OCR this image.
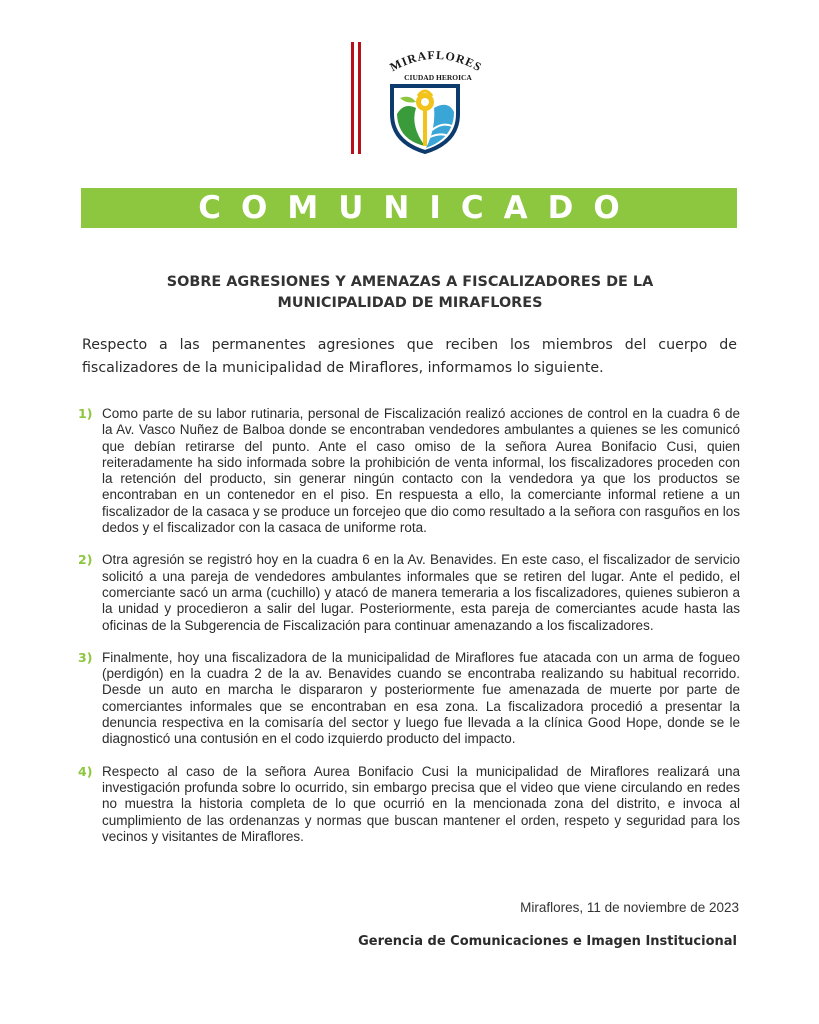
MIRAFLORES
CIUDAD HEROICA
COMUNICADO
SOBRE AGRESIONES Y AMENAZAS A FISCALIZADORES DE LA
MUNICIPALIDAD DE MIRAFLORES
Respecto a las permanentes agresiones que reciben los miembros del cuerpo de fiscalizadores de la municipalidad de Miraflores, informamos lo siguiente.
1) Como parte de su labor rutinaria, personal de Fiscalización realizó acciones de control en la cuadra 6 de la Av. Vasco Nuñez de Balboa donde se encontraban vendedores ambulantes a quienes se les comunicó que debían retirarse del punto. Ante el caso omiso de la señora Aurea Bonifacio Cusi, quien reiteradamente ha sido informada sobre la prohibición de venta informal, los fiscalizadores proceden con la retención del producto, sin generar ningún contacto con la vendedora ya que los productos se encontraban en un contenedor en el piso. En respuesta a ello, la comerciante informal retiene a un fiscalizador de la casaca y se produce un forcejeo que dio como resultado a la señora con rasguños en los dedos y el fiscalizador con la casaca de uniforme rota.
2) Otra agresión se registró hoy en la cuadra 6 en la Av. Benavides. En este caso, el fiscalizador de servicio solicitó a una pareja de vendedores ambulantes informales que se retiren del lugar. Ante el pedido, el comerciante sacó un arma (cuchillo) y atacó de manera temeraria a los fiscalizadores, quienes subieron a la unidad y procedieron a salir del lugar. Posteriormente, esta pareja de comerciantes acude hasta las oficinas de la Subgerencia de Fiscalización para continuar amenazando a los fiscalizadores.
3) Finalmente, hoy una fiscalizadora de la municipalidad de Miraflores fue atacada con un arma de fogueo (perdigón) en la cuadra 2 de la av. Benavides cuando se encontraba realizando su habitual recorrido. Desde un auto en marcha le dispararon y posteriormente fue amenazada de muerte por parte de comerciantes informales que se encontraban en esa zona. La fiscalizadora procedió a presentar la denuncia respectiva en la comisaría del sector y luego fue llevada a la clínica Good Hope, donde se le diagnosticó una contusión en el codo izquierdo producto del impacto.
4) Respecto al caso de la señora Aurea Bonifacio Cusi la municipalidad de Miraflores realizará una investigación profunda sobre lo ocurrido, sin embargo precisa que el video que viene circulando en redes no muestra la historia completa de lo que ocurrió en la mencionada zona del distrito, e invoca al cumplimiento de las ordenanzas y normas que buscan mantener el orden, respeto y seguridad para los vecinos y visitantes de Miraflores.
Miraflores, 11 de noviembre de 2023
Gerencia de Comunicaciones e Imagen Institucional
